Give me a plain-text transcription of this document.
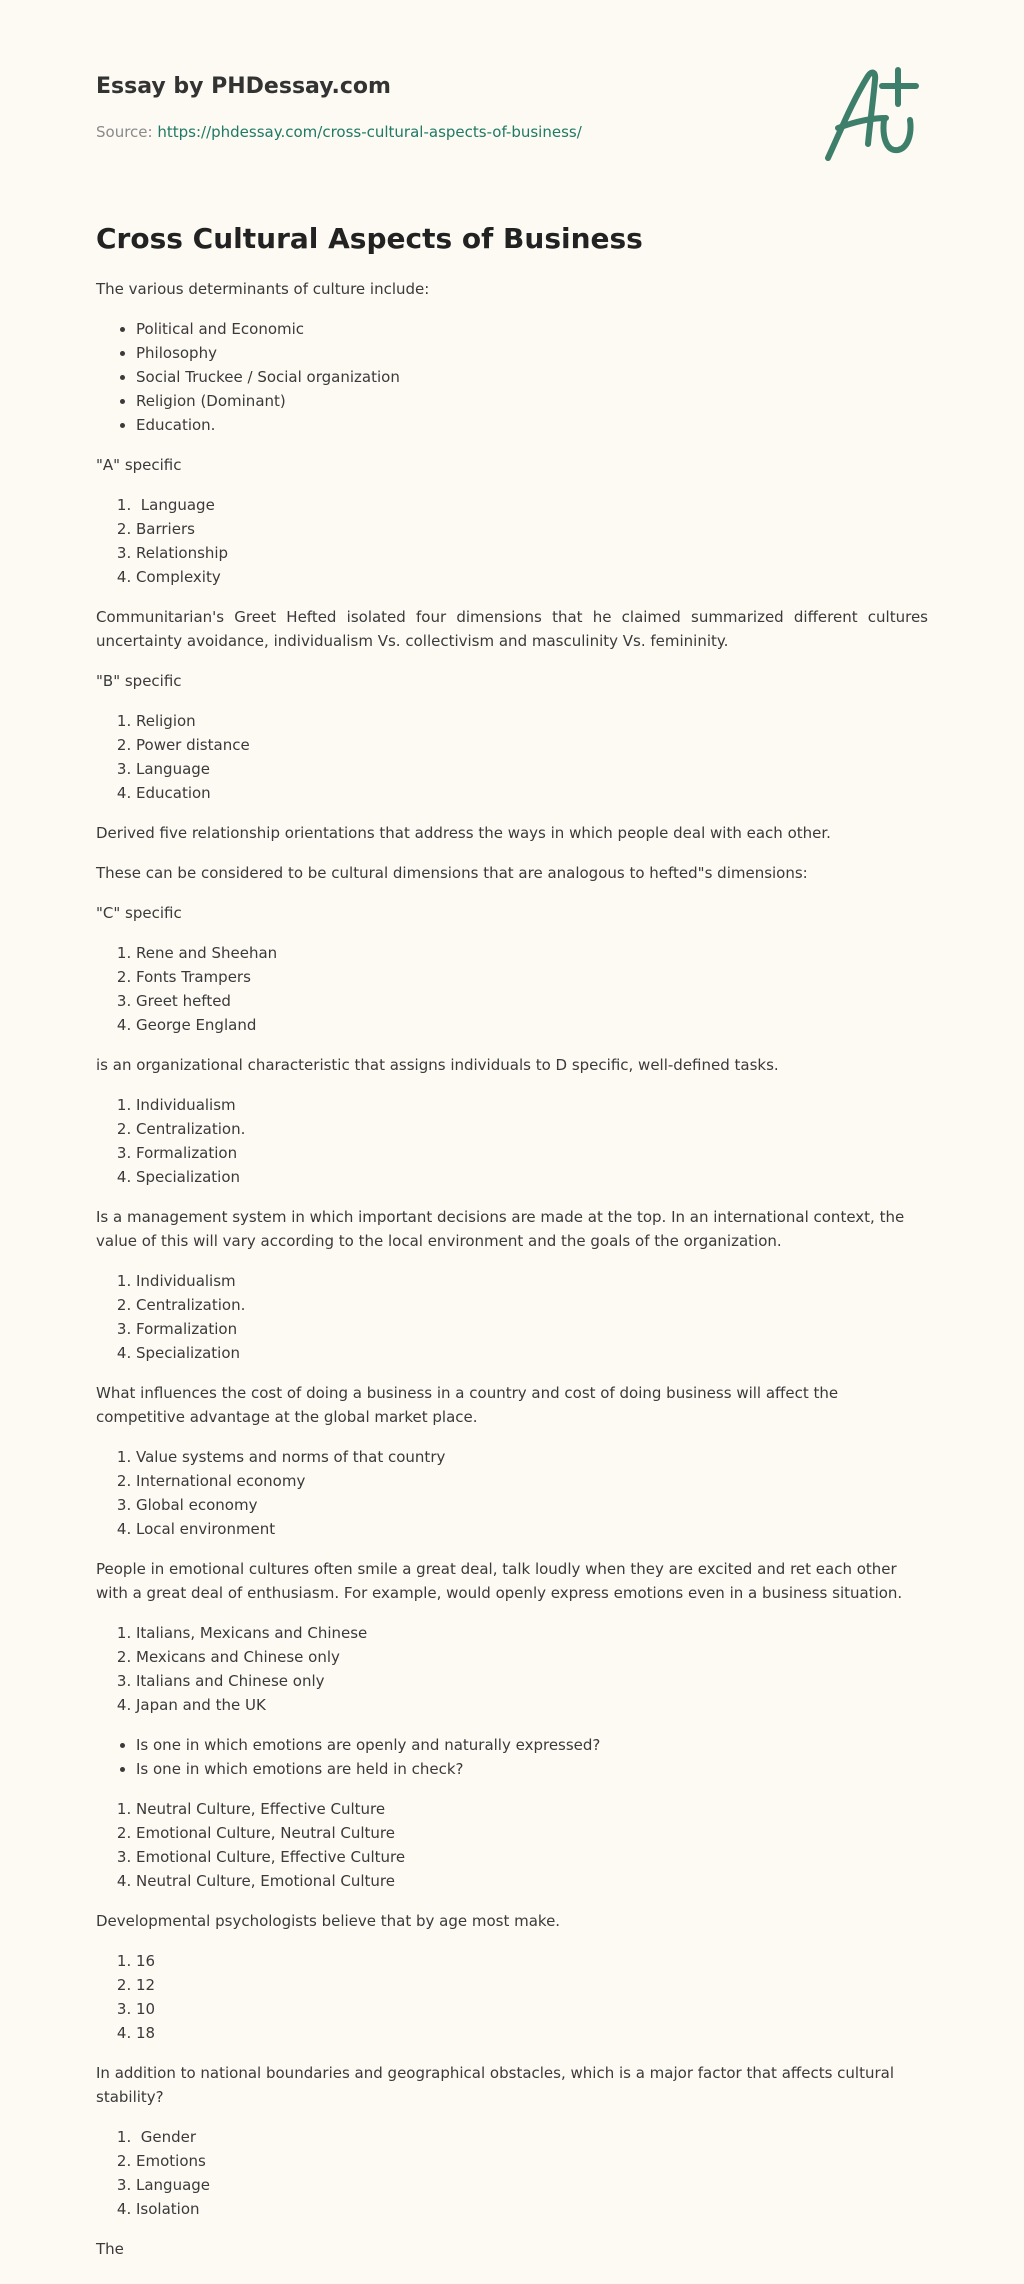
Essay by PHDessay.com
Source: https://phdessay.com/cross-cultural-aspects-of-business/
Cross Cultural Aspects of Business

The various determinants of culture include:

• Political and Economic
• Philosophy
• Social Truckee / Social organization
• Religion (Dominant)
• Education.

"A" specific

1.  Language
2. Barriers
3. Relationship
4. Complexity

Communitarian's Greet Hefted isolated four dimensions that he claimed summarized different cultures uncertainty avoidance, individualism Vs. collectivism and masculinity Vs. femininity.

"B" specific

1. Religion
2. Power distance
3. Language
4. Education

Derived five relationship orientations that address the ways in which people deal with each other.

These can be considered to be cultural dimensions that are analogous to hefted"s dimensions:

"C" specific

1. Rene and Sheehan
2. Fonts Trampers
3. Greet hefted
4. George England

is an organizational characteristic that assigns individuals to D specific, well-defined tasks.

1. Individualism
2. Centralization.
3. Formalization
4. Specialization

Is a management system in which important decisions are made at the top. In an international context, the value of this will vary according to the local environment and the goals of the organization.

1. Individualism
2. Centralization.
3. Formalization
4. Specialization

What influences the cost of doing a business in a country and cost of doing business will affect the competitive advantage at the global market place.

1. Value systems and norms of that country
2. International economy
3. Global economy
4. Local environment

People in emotional cultures often smile a great deal, talk loudly when they are excited and ret each other with a great deal of enthusiasm. For example, would openly express emotions even in a business situation.

1. Italians, Mexicans and Chinese
2. Mexicans and Chinese only
3. Italians and Chinese only
4. Japan and the UK
• Is one in which emotions are openly and naturally expressed?
• Is one in which emotions are held in check?
1. Neutral Culture, Effective Culture
2. Emotional Culture, Neutral Culture
3. Emotional Culture, Effective Culture
4. Neutral Culture, Emotional Culture

Developmental psychologists believe that by age most make.

1. 16
2. 12
3. 10
4. 18

In addition to national boundaries and geographical obstacles, which is a major factor that affects cultural stability?

1.  Gender
2. Emotions
3. Language
4. Isolation

The
